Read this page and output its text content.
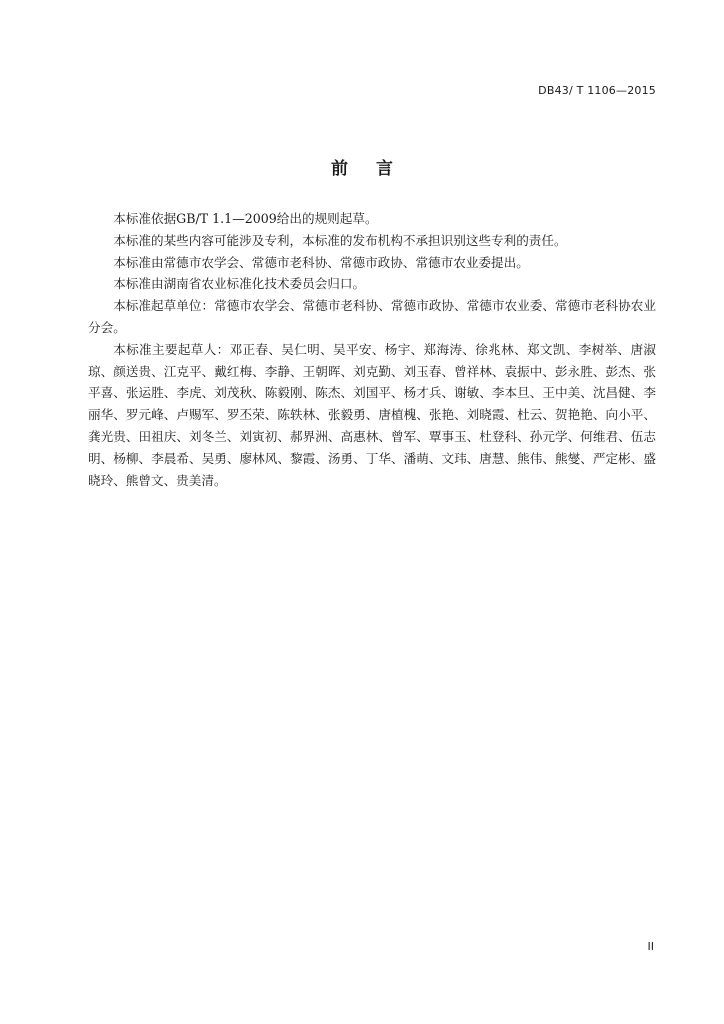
DB43/ T 1106—2015
前言

本标准依据GB/T 1.1—2009给出的规则起草。

本标准的某些内容可能涉及专利，本标准的发布机构不承担识别这些专利的责任。

本标准由常德市农学会、常德市老科协、常德市政协、常德市农业委提出。

本标准由湖南省农业标准化技术委员会归口。

本标准起草单位：常德市农学会、常德市老科协、常德市政协、常德市农业委、常德市老科协农业分会。

本标准主要起草人：邓正春、吴仁明、吴平安、杨宇、郑海涛、徐兆林、郑文凯、李树举、唐淑琼、颜送贵、江克平、戴红梅、李静、王朝晖、刘克勤、刘玉春、曾祥林、袁振中、彭永胜、彭杰、张平喜、张运胜、李虎、刘茂秋、陈毅刚、陈杰、刘国平、杨才兵、谢敏、李本旦、王中美、沈昌健、李丽华、罗元峰、卢赐军、罗丕荣、陈轶林、张毅勇、唐植槐、张艳、刘晓霞、杜云、贺艳艳、向小平、龚光贵、田祖庆、刘冬兰、刘寅初、郝界洲、高惠林、曾军、覃事玉、杜登科、孙元学、何维君、伍志明、杨柳、李晨希、吴勇、廖林风、黎霞、汤勇、丁华、潘萌、文玮、唐慧、熊伟、熊燮、严定彬、盛晓玲、熊曾文、贵美清。

II
